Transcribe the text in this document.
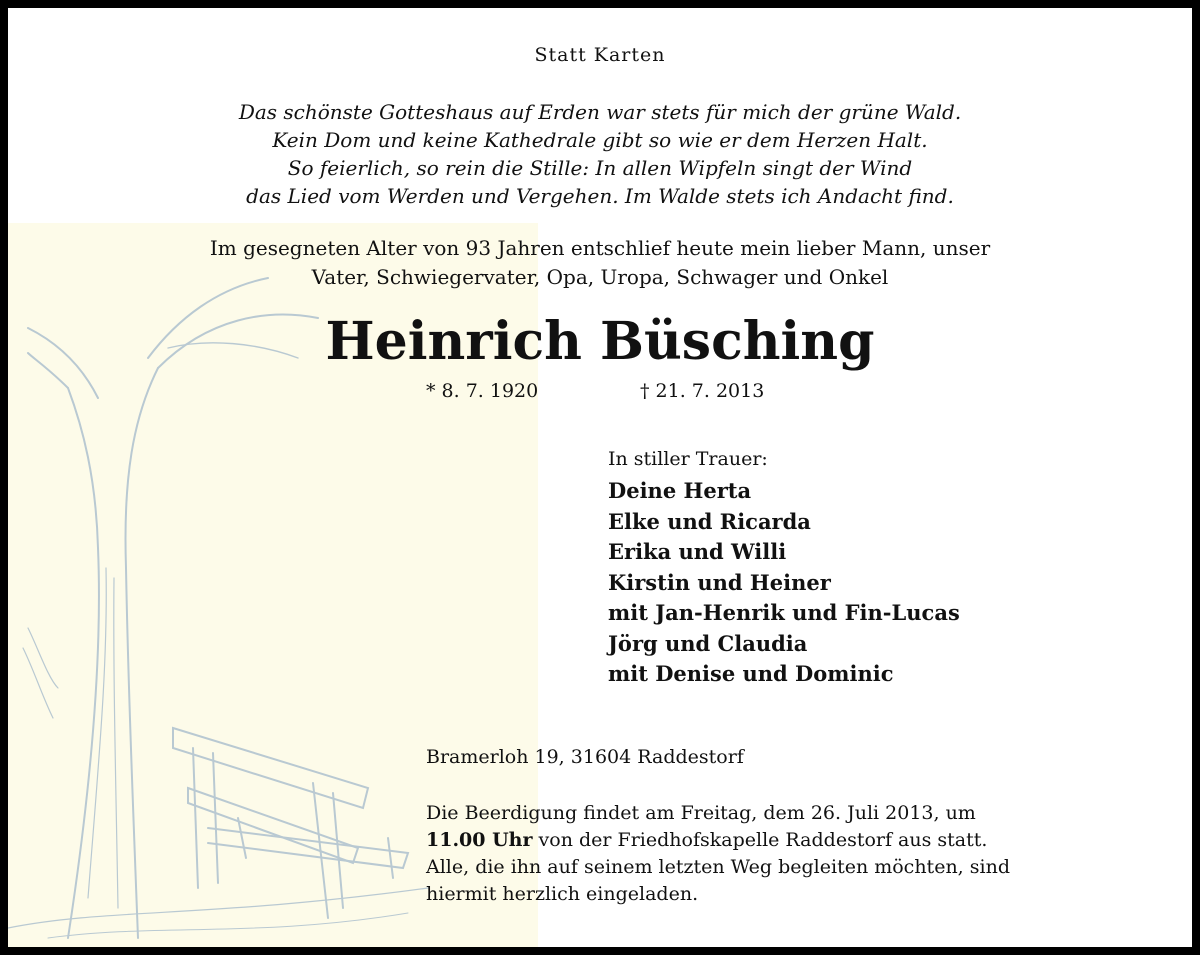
Statt Karten
Das schönste Gotteshaus auf Erden war stets für mich der grüne Wald.
Kein Dom und keine Kathedrale gibt so wie er dem Herzen Halt.
So feierlich, so rein die Stille: In allen Wipfeln singt der Wind
das Lied vom Werden und Vergehen. Im Walde stets ich Andacht find.
Im gesegneten Alter von 93 Jahren entschlief heute mein lieber Mann, unser
Vater, Schwiegervater, Opa, Uropa, Schwager und Onkel
Heinrich Büsching
* 8. 7. 1920	† 21. 7. 2013
In stiller Trauer:
Deine Herta
Elke und Ricarda
Erika und Willi
Kirstin und Heiner
mit Jan-Henrik und Fin-Lucas
Jörg und Claudia
mit Denise und Dominic
Bramerloh 19, 31604 Raddestorf
Die Beerdigung findet am Freitag, dem 26. Juli 2013, um
11.00 Uhr von der Friedhofskapelle Raddestorf aus statt.
Alle, die ihn auf seinem letzten Weg begleiten möchten, sind
hiermit herzlich eingeladen.
